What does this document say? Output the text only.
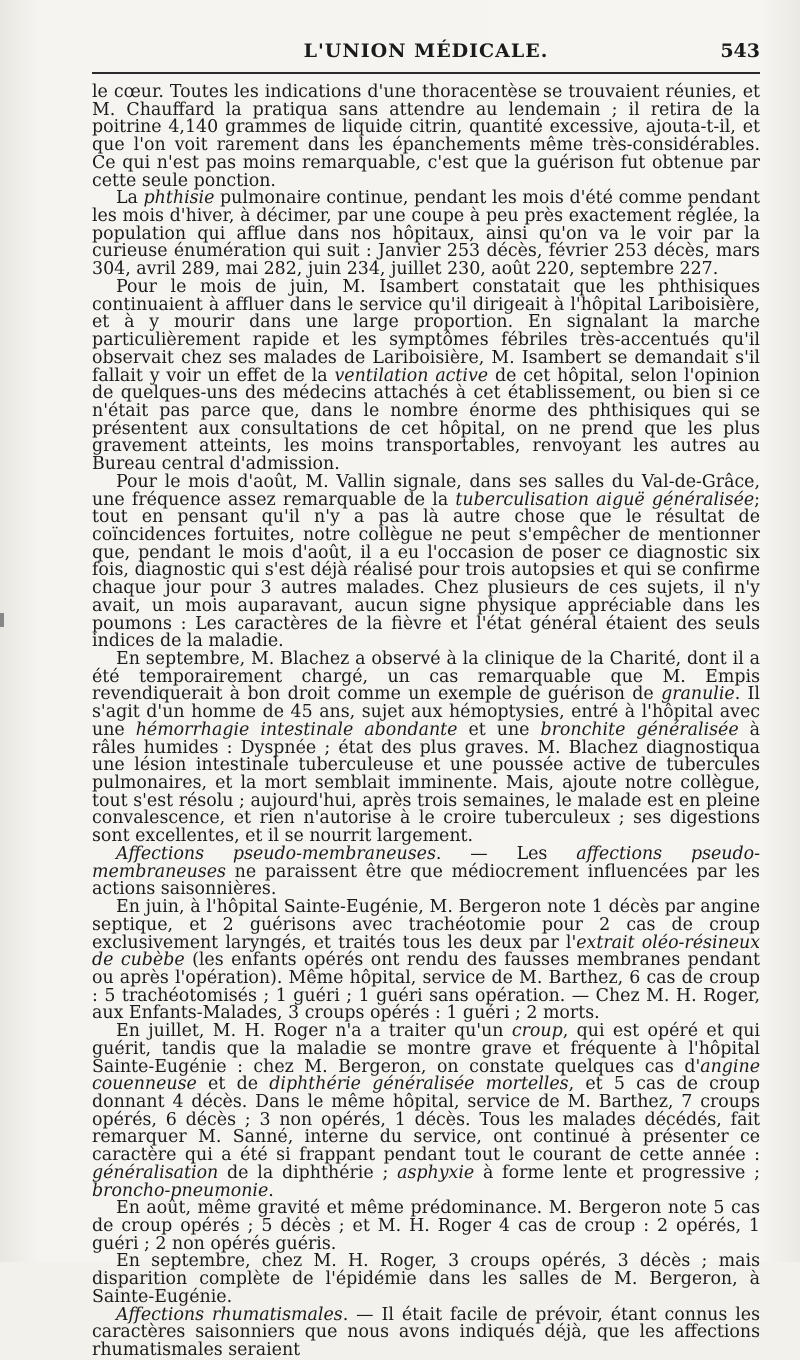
L'UNION MÉDICALE.	543

le cœur. Toutes les indications d'une thoracentèse se trouvaient réunies, et M. Chauffard la pratiqua sans attendre au lendemain ; il retira de la poitrine 4,140 grammes de liquide citrin, quantité excessive, ajouta-t-il, et que l'on voit rarement dans les épanchements même très-considérables. Ce qui n'est pas moins remarquable, c'est que la guérison fut obtenue par cette seule ponction.

La phthisie pulmonaire continue, pendant les mois d'été comme pendant les mois d'hiver, à décimer, par une coupe à peu près exactement réglée, la population qui afflue dans nos hôpitaux, ainsi qu'on va le voir par la curieuse énumération qui suit : Janvier 253 décès, février 253 décès, mars 304, avril 289, mai 282, juin 234, juillet 230, août 220, septembre 227.

Pour le mois de juin, M. Isambert constatait que les phthisiques continuaient à affluer dans le service qu'il dirigeait à l'hôpital Lariboisière, et à y mourir dans une large proportion. En signalant la marche particulièrement rapide et les symptômes fébriles très-accentués qu'il observait chez ses malades de Lariboisière, M. Isambert se demandait s'il fallait y voir un effet de la ventilation active de cet hôpital, selon l'opinion de quelques-uns des médecins attachés à cet établissement, ou bien si ce n'était pas parce que, dans le nombre énorme des phthisiques qui se présentent aux consultations de cet hôpital, on ne prend que les plus gravement atteints, les moins transportables, renvoyant les autres au Bureau central d'admission.

Pour le mois d'août, M. Vallin signale, dans ses salles du Val-de-Grâce, une fréquence assez remarquable de la tuberculisation aiguë généralisée; tout en pensant qu'il n'y a pas là autre chose que le résultat de coïncidences fortuites, notre collègue ne peut s'empêcher de mentionner que, pendant le mois d'août, il a eu l'occasion de poser ce diagnostic six fois, diagnostic qui s'est déjà réalisé pour trois autopsies et qui se confirme chaque jour pour 3 autres malades. Chez plusieurs de ces sujets, il n'y avait, un mois auparavant, aucun signe physique appréciable dans les poumons : Les caractères de la fièvre et l'état général étaient des seuls indices de la maladie.

En septembre, M. Blachez a observé à la clinique de la Charité, dont il a été temporairement chargé, un cas remarquable que M. Empis revendiquerait à bon droit comme un exemple de guérison de granulie. Il s'agit d'un homme de 45 ans, sujet aux hémoptysies, entré à l'hôpital avec une hémorrhagie intestinale abondante et une bronchite généralisée à râles humides : Dyspnée ; état des plus graves. M. Blachez diagnostiqua une lésion intestinale tuberculeuse et une poussée active de tubercules pulmonaires, et la mort semblait imminente. Mais, ajoute notre collègue, tout s'est résolu ; aujourd'hui, après trois semaines, le malade est en pleine convalescence, et rien n'autorise à le croire tuberculeux ; ses digestions sont excellentes, et il se nourrit largement.

Affections pseudo-membraneuses. — Les affections pseudo-membraneuses ne paraissent être que médiocrement influencées par les actions saisonnières.

En juin, à l'hôpital Sainte-Eugénie, M. Bergeron note 1 décès par angine septique, et 2 guérisons avec trachéotomie pour 2 cas de croup exclusivement laryngés, et traités tous les deux par l'extrait oléo-résineux de cubèbe (les enfants opérés ont rendu des fausses membranes pendant ou après l'opération). Même hôpital, service de M. Barthez, 6 cas de croup : 5 trachéotomisés ; 1 guéri ; 1 guéri sans opération. — Chez M. H. Roger, aux Enfants-Malades, 3 croups opérés : 1 guéri ; 2 morts.

En juillet, M. H. Roger n'a a traiter qu'un croup, qui est opéré et qui guérit, tandis que la maladie se montre grave et fréquente à l'hôpital Sainte-Eugénie : chez M. Bergeron, on constate quelques cas d'angine couenneuse et de diphthérie généralisée mortelles, et 5 cas de croup donnant 4 décès. Dans le même hôpital, service de M. Barthez, 7 croups opérés, 6 décès ; 3 non opérés, 1 décès. Tous les malades décédés, fait remarquer M. Sanné, interne du service, ont continué à présenter ce caractère qui a été si frappant pendant tout le courant de cette année : généralisation de la diphthérie ; asphyxie à forme lente et progressive ; broncho-pneumonie.

En août, même gravité et même prédominance. M. Bergeron note 5 cas de croup opérés ; 5 décès ; et M. H. Roger 4 cas de croup : 2 opérés, 1 guéri ; 2 non opérés guéris.

En septembre, chez M. H. Roger, 3 croups opérés, 3 décès ; mais disparition complète de l'épidémie dans les salles de M. Bergeron, à Sainte-Eugénie.

Affections rhumatismales. — Il était facile de prévoir, étant connus les caractères saisonniers que nous avons indiqués déjà, que les affections rhumatismales seraient
